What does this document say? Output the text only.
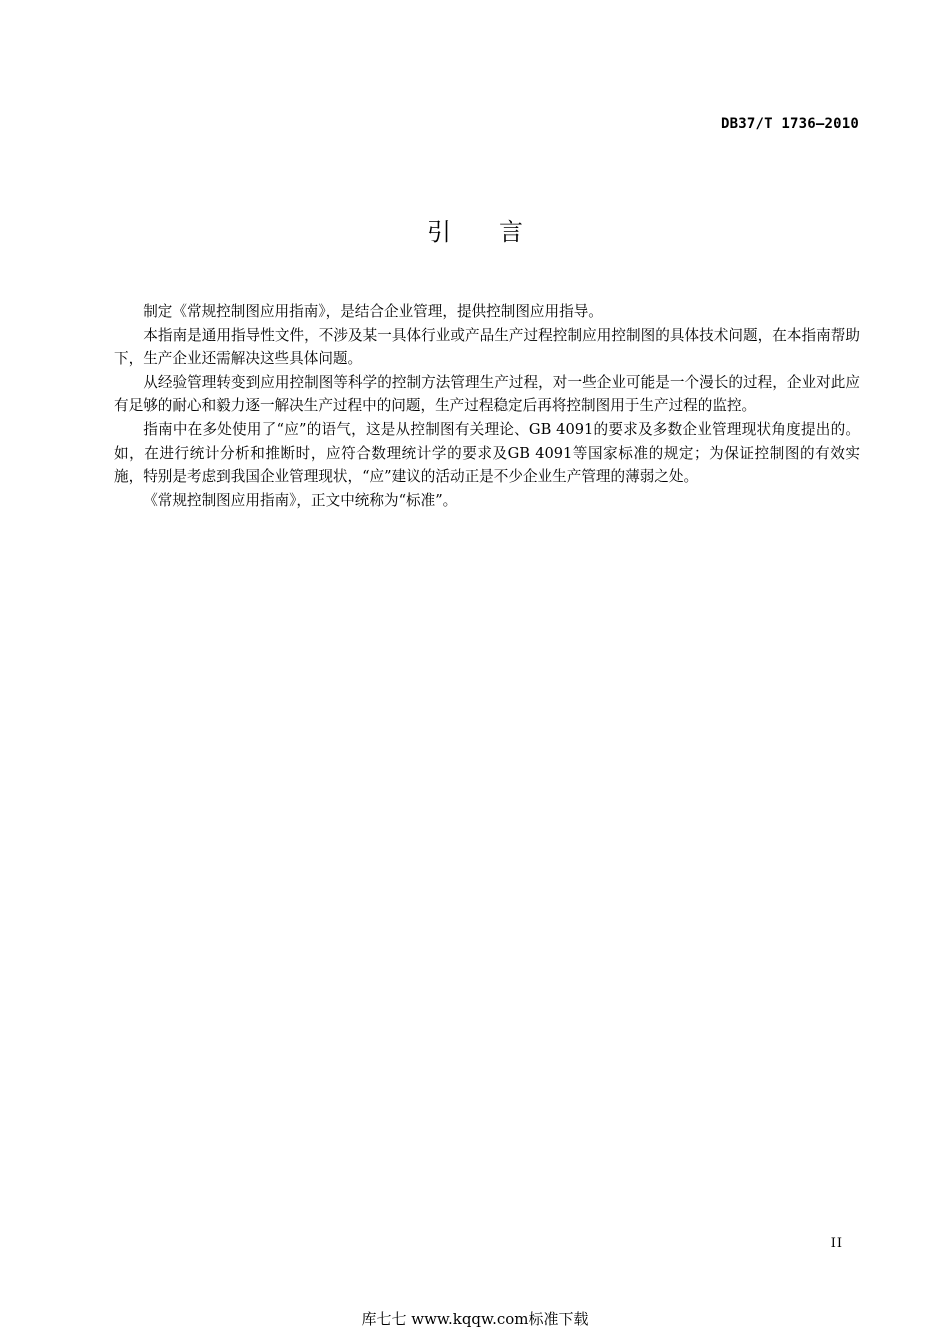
DB37/T 1736—2010
引言

制定《常规控制图应用指南》，是结合企业管理，提供控制图应用指导。

本指南是通用指导性文件，不涉及某一具体行业或产品生产过程控制应用控制图的具体技术问题，在本指南帮助下，生产企业还需解决这些具体问题。

从经验管理转变到应用控制图等科学的控制方法管理生产过程，对一些企业可能是一个漫长的过程，企业对此应有足够的耐心和毅力逐一解决生产过程中的问题，生产过程稳定后再将控制图用于生产过程的监控。

指南中在多处使用了“应”的语气，这是从控制图有关理论、GB 4091的要求及多数企业管理现状角度提出的。如，在进行统计分析和推断时，应符合数理统计学的要求及GB 4091等国家标准的规定；为保证控制图的有效实施，特别是考虑到我国企业管理现状，“应”建议的活动正是不少企业生产管理的薄弱之处。

《常规控制图应用指南》，正文中统称为“标准”。

II
库七七 www.kqqw.com标准下载
